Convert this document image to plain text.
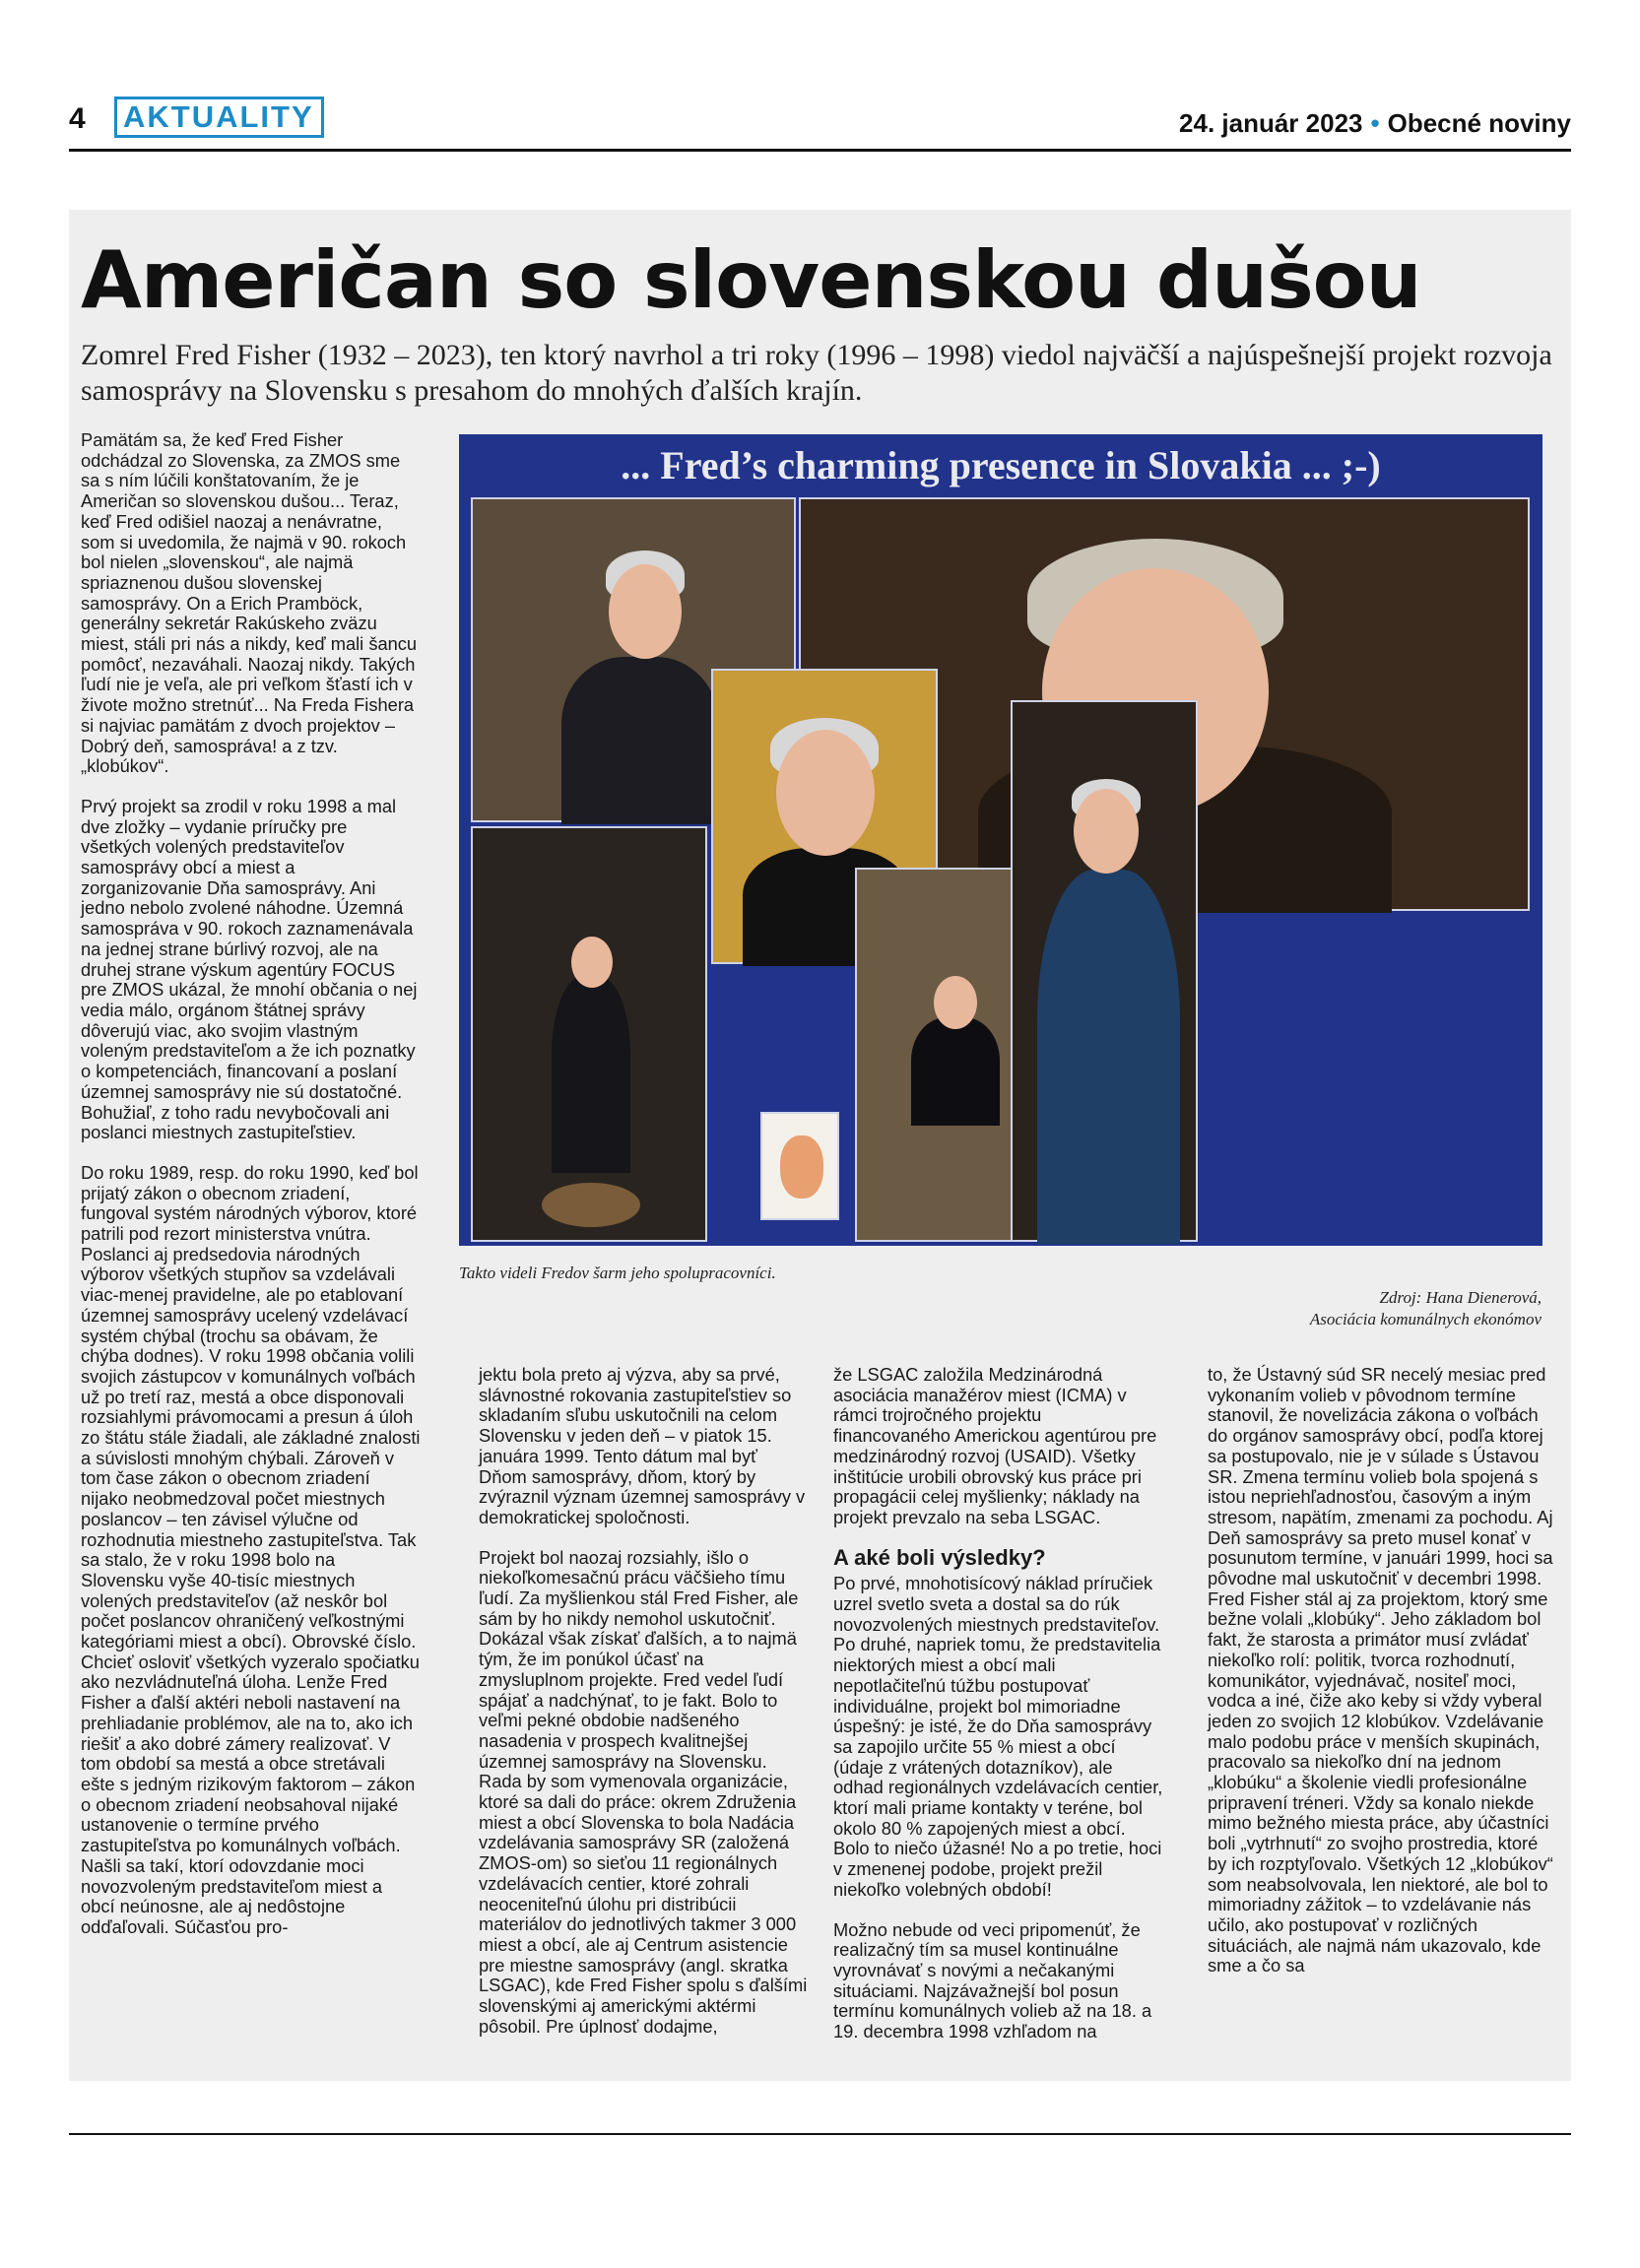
4 AKTUALITY	24. január 2023 • Obecné noviny
Američan so slovenskou dušou
Zomrel Fred Fisher (1932 – 2023), ten ktorý navrhol a tri roky (1996 – 1998) viedol najväčší a najúspešnejší projekt rozvoja samosprávy na Slovensku s presahom do mnohých ďalších krajín.

Pamätám sa, že keď Fred Fisher odchádzal zo Slovenska, za ZMOS sme sa s ním lúčili konštatovaním, že je Američan so slovenskou dušou... Teraz, keď Fred odišiel naozaj a nenávratne, som si uvedomila, že najmä v 90. rokoch bol nielen „slovenskou“, ale najmä spriaznenou dušou slovenskej samosprávy. On a Erich Pramböck, generálny sekretár Rakúskeho zväzu miest, stáli pri nás a nikdy, keď mali šancu pomôcť, nezaváhali. Naozaj nikdy. Takých ľudí nie je veľa, ale pri veľkom šťastí ich v živote možno stretnúť... Na Freda Fishera si najviac pamätám z dvoch projektov – Dobrý deň, samospráva! a z tzv. „klobúkov“.

Prvý projekt sa zrodil v roku 1998 a mal dve zložky – vydanie príručky pre všetkých volených predstaviteľov samosprávy obcí a miest a zorganizovanie Dňa samosprávy. Ani jedno nebolo zvolené náhodne. Územná samospráva v 90. rokoch zaznamenávala na jednej strane búrlivý rozvoj, ale na druhej strane výskum agentúry FOCUS pre ZMOS ukázal, že mnohí občania o nej vedia málo, orgánom štátnej správy dôverujú viac, ako svojim vlastným voleným predstaviteľom a že ich poznatky o kompetenciách, financovaní a poslaní územnej samosprávy nie sú dostatočné. Bohužiaľ, z toho radu nevybočovali ani poslanci miestnych zastupiteľstiev.

Do roku 1989, resp. do roku 1990, keď bol prijatý zákon o obecnom zriadení, fungoval systém národných výborov, ktoré patrili pod rezort ministerstva vnútra. Poslanci aj predsedovia národných výborov všetkých stupňov sa vzdelávali viac-menej pravidelne, ale po etablovaní územnej samosprávy ucelený vzdelávací systém chýbal (trochu sa obávam, že chýba dodnes). V roku 1998 občania volili svojich zástupcov v komunálnych voľbách už po tretí raz, mestá a obce disponovali rozsiahlymi právomocami a presun á úloh zo štátu stále žiadali, ale základné znalosti a súvislosti mnohým chýbali. Zároveň v tom čase zákon o obecnom zriadení nijako neobmedzoval počet miestnych poslancov – ten závisel výlučne od rozhodnutia miestneho zastupiteľstva. Tak sa stalo, že v roku 1998 bolo na Slovensku vyše 40-tisíc miestnych volených predstaviteľov (až neskôr bol počet poslancov ohraničený veľkostnými kategóriami miest a obcí). Obrovské číslo. Chcieť osloviť všetkých vyzeralo spočiatku ako nezvládnuteľná úloha. Lenže Fred Fisher a ďalší aktéri neboli nastavení na prehliadanie problémov, ale na to, ako ich riešiť a ako dobré zámery realizovať. V tom období sa mestá a obce stretávali ešte s jedným rizikovým faktorom – zákon o obecnom zriadení neobsahoval nijaké ustanovenie o termíne prvého zastupiteľstva po komunálnych voľbách. Našli sa takí, ktorí odovzdanie moci novozvoleným predstaviteľom miest a obcí neúnosne, ale aj nedôstojne odďaľovali. Súčasťou pro-

... Fred’s charming presence in Slovakia ... ;-)
Takto videli Fredov šarm jeho spolupracovníci.
Zdroj: Hana Dienerová,
Asociácia komunálnych ekonómov

jektu bola preto aj výzva, aby sa prvé, slávnostné rokovania zastupiteľstiev so skladaním sľubu uskutočnili na celom Slovensku v jeden deň – v piatok 15. januára 1999. Tento dátum mal byť Dňom samosprávy, dňom, ktorý by zvýraznil význam územnej samosprávy v demokratickej spoločnosti.

Projekt bol naozaj rozsiahly, išlo o niekoľkomesačnú prácu väčšieho tímu ľudí. Za myšlienkou stál Fred Fisher, ale sám by ho nikdy nemohol uskutočniť. Dokázal však získať ďalších, a to najmä tým, že im ponúkol účasť na zmysluplnom projekte. Fred vedel ľudí spájať a nadchýnať, to je fakt. Bolo to veľmi pekné obdobie nadšeného nasadenia v prospech kvalitnejšej územnej samosprávy na Slovensku. Rada by som vymenovala organizácie, ktoré sa dali do práce: okrem Združenia miest a obcí Slovenska to bola Nadácia vzdelávania samosprávy SR (založená ZMOS-om) so sieťou 11 regionálnych vzdelávacích centier, ktoré zohrali neoceniteľnú úlohu pri distribúcii materiálov do jednotlivých takmer 3 000 miest a obcí, ale aj Centrum asistencie pre miestne samosprávy (angl. skratka LSGAC), kde Fred Fisher spolu s ďalšími slovenskými aj americkými aktérmi pôsobil. Pre úplnosť dodajme,

že LSGAC založila Medzinárodná asociácia manažérov miest (ICMA) v rámci trojročného projektu financovaného Americkou agentúrou pre medzinárodný rozvoj (USAID). Všetky inštitúcie urobili obrovský kus práce pri propagácii celej myšlienky; náklady na projekt prevzalo na seba LSGAC.

A aké boli výsledky?

Po prvé, mnohotisícový náklad príručiek uzrel svetlo sveta a dostal sa do rúk novozvolených miestnych predstaviteľov. Po druhé, napriek tomu, že predstavitelia niektorých miest a obcí mali nepotlačiteľnú túžbu postupovať individuálne, projekt bol mimoriadne úspešný: je isté, že do Dňa samosprávy sa zapojilo určite 55 % miest a obcí (údaje z vrátených dotazníkov), ale odhad regionálnych vzdelávacích centier, ktorí mali priame kontakty v teréne, bol okolo 80 % zapojených miest a obcí. Bolo to niečo úžasné! No a po tretie, hoci v zmenenej podobe, projekt prežil niekoľko volebných období!

Možno nebude od veci pripomenúť, že realizačný tím sa musel kontinuálne vyrovnávať s novými a nečakanými situáciami. Najzávažnejší bol posun termínu komunálnych volieb až na 18. a 19. decembra 1998 vzhľadom na

to, že Ústavný súd SR necelý mesiac pred vykonaním volieb v pôvodnom termíne stanovil, že novelizácia zákona o voľbách do orgánov samosprávy obcí, podľa ktorej sa postupovalo, nie je v súlade s Ústavou SR. Zmena termínu volieb bola spojená s istou nepriehľadnosťou, časovým a iným stresom, napätím, zmenami za pochodu. Aj Deň samosprávy sa preto musel konať v posunutom termíne, v januári 1999, hoci sa pôvodne mal uskutočniť v decembri 1998. Fred Fisher stál aj za projektom, ktorý sme bežne volali „klobúky“. Jeho základom bol fakt, že starosta a primátor musí zvládať niekoľko rolí: politik, tvorca rozhodnutí, komunikátor, vyjednávač, nositeľ moci, vodca a iné, čiže ako keby si vždy vyberal jeden zo svojich 12 klobúkov. Vzdelávanie malo podobu práce v menších skupinách, pracovalo sa niekoľko dní na jednom „klobúku“ a školenie viedli profesionálne pripravení tréneri. Vždy sa konalo niekde mimo bežného miesta práce, aby účastníci boli „vytrhnutí“ zo svojho prostredia, ktoré by ich rozptyľovalo. Všetkých 12 „klobúkov“ som neabsolvovala, len niektoré, ale bol to mimoriadny zážitok – to vzdelávanie nás učilo, ako postupovať v rozličných situáciách, ale najmä nám ukazovalo, kde sme a čo sa
